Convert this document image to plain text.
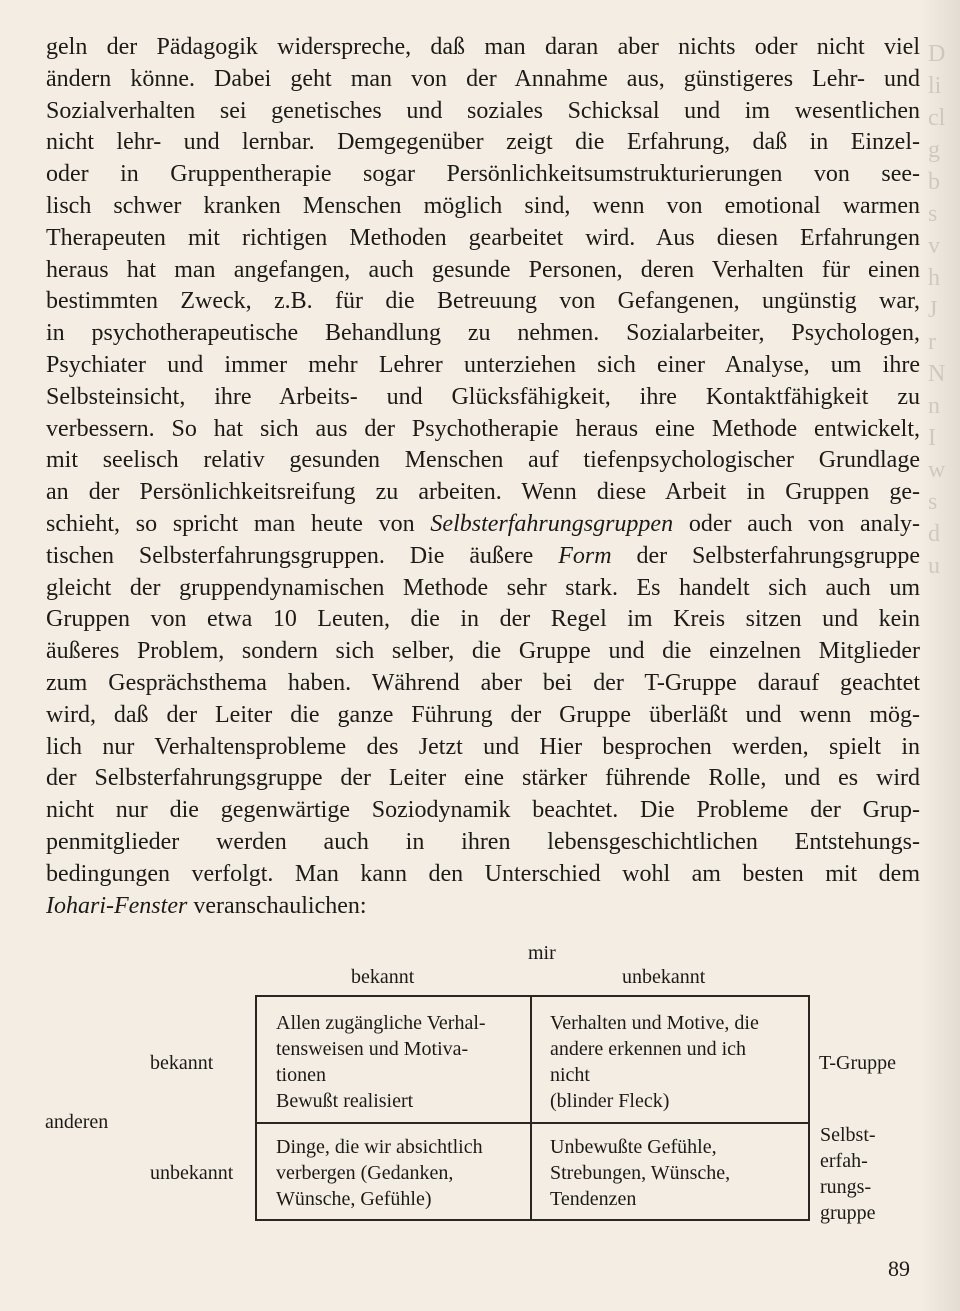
D
li
cl
g
b
s
v
h
J
r
N
n
I
w
s
d
u
geln der Pädagogik widerspreche, daß man daran aber nichts oder nicht viel
ändern könne. Dabei geht man von der Annahme aus, günstigeres Lehr- und
Sozialverhalten sei genetisches und soziales Schicksal und im wesentlichen
nicht lehr- und lernbar. Demgegenüber zeigt die Erfahrung, daß in Einzel-
oder in Gruppentherapie sogar Persönlichkeitsumstrukturierungen von see-
lisch schwer kranken Menschen möglich sind, wenn von emotional warmen
Therapeuten mit richtigen Methoden gearbeitet wird. Aus diesen Erfahrungen
heraus hat man angefangen, auch gesunde Personen, deren Verhalten für einen
bestimmten Zweck, z.B. für die Betreuung von Gefangenen, ungünstig war,
in psychotherapeutische Behandlung zu nehmen. Sozialarbeiter, Psychologen,
Psychiater und immer mehr Lehrer unterziehen sich einer Analyse, um ihre
Selbsteinsicht, ihre Arbeits- und Glücksfähigkeit, ihre Kontaktfähigkeit zu
verbessern. So hat sich aus der Psychotherapie heraus eine Methode entwickelt,
mit seelisch relativ gesunden Menschen auf tiefenpsychologischer Grundlage
an der Persönlichkeitsreifung zu arbeiten. Wenn diese Arbeit in Gruppen ge-
schieht, so spricht man heute von Selbsterfahrungsgruppen oder auch von analy-
tischen Selbsterfahrungsgruppen. Die äußere Form der Selbsterfahrungsgruppe
gleicht der gruppendynamischen Methode sehr stark. Es handelt sich auch um
Gruppen von etwa 10 Leuten, die in der Regel im Kreis sitzen und kein
äußeres Problem, sondern sich selber, die Gruppe und die einzelnen Mitglieder
zum Gesprächsthema haben. Während aber bei der T-Gruppe darauf geachtet
wird, daß der Leiter die ganze Führung der Gruppe überläßt und wenn mög-
lich nur Verhaltensprobleme des Jetzt und Hier besprochen werden, spielt in
der Selbsterfahrungsgruppe der Leiter eine stärker führende Rolle, und es wird
nicht nur die gegenwärtige Soziodynamik beachtet. Die Probleme der Grup-
penmitglieder werden auch in ihren lebensgeschichtlichen Entstehungs-
bedingungen verfolgt. Man kann den Unterschied wohl am besten mit dem
Iohari-Fenster veranschaulichen:
mir
bekannt	unbekannt
anderen
bekannt
unbekannt
Allen zugängliche Verhal-
tensweisen und Motiva-
tionen
Bewußt realisiert
Verhalten und Motive, die
andere erkennen und ich
nicht
(blinder Fleck)
Dinge, die wir absichtlich
verbergen (Gedanken,
Wünsche, Gefühle)
Unbewußte Gefühle,
Strebungen, Wünsche,
Tendenzen
T-Gruppe
Selbst-
erfah-
rungs-
gruppe
89
